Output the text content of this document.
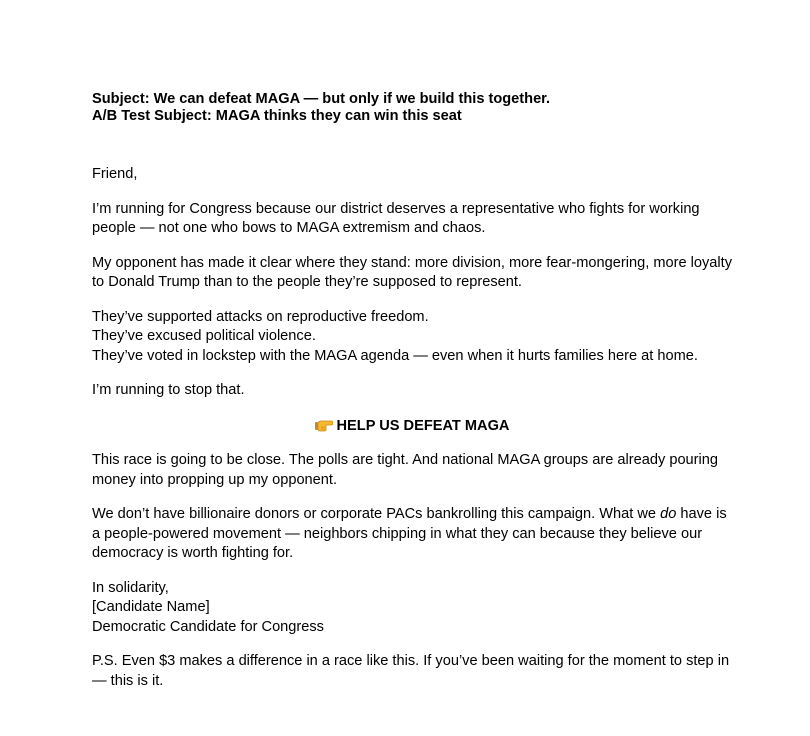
Subject: We can defeat MAGA — but only if we build this together.
A/B Test Subject: MAGA thinks they can win this seat

Friend,

I’m running for Congress because our district deserves a representative who fights for working people — not one who bows to MAGA extremism and chaos.

My opponent has made it clear where they stand: more division, more fear-mongering, more loyalty to Donald Trump than to the people they’re supposed to represent.

They’ve supported attacks on reproductive freedom.
They’ve excused political violence.
They’ve voted in lockstep with the MAGA agenda — even when it hurts families here at home.

I’m running to stop that.

HELP US DEFEAT MAGA

This race is going to be close. The polls are tight. And national MAGA groups are already pouring money into propping up my opponent.

We don’t have billionaire donors or corporate PACs bankrolling this campaign. What we do have is a people-powered movement — neighbors chipping in what they can because they believe our democracy is worth fighting for.

In solidarity,
[Candidate Name]
Democratic Candidate for Congress

P.S. Even $3 makes a difference in a race like this. If you’ve been waiting for the moment to step in — this is it.
